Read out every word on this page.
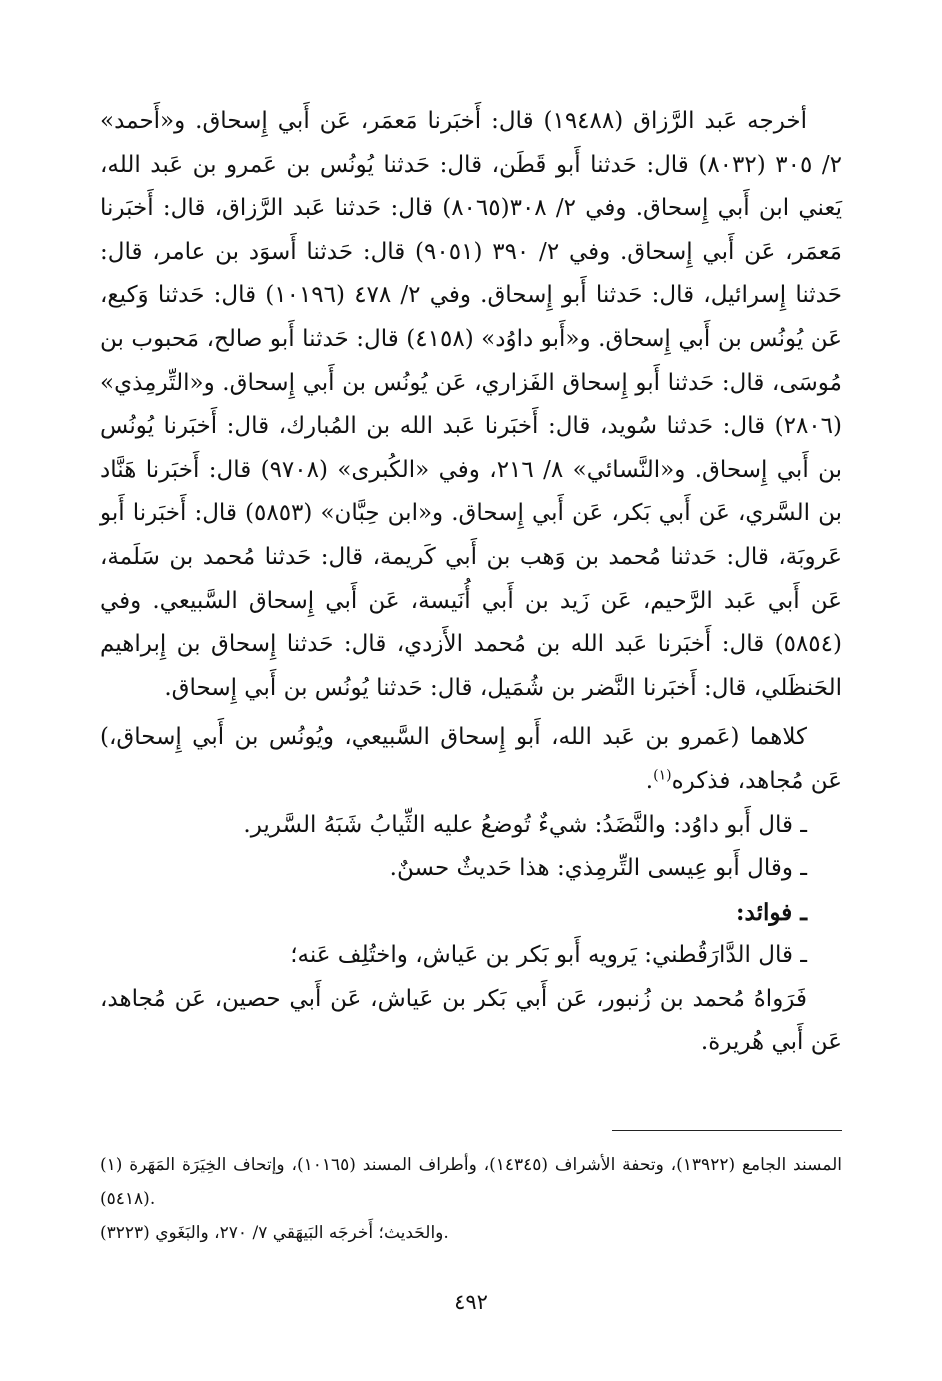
أخرجه عَبد الرَّزاق (١٩٤٨٨) قال: أَخبَرنا مَعمَر، عَن أَبي إِسحاق. و«أَحمد» ٢/ ٣٠٥ (٨٠٣٢) قال: حَدثنا أَبو قَطَن، قال: حَدثنا يُونُس بن عَمرو بن عَبد الله، يَعني ابن أَبي إِسحاق. وفي ٢/ ٣٠٨(٨٠٦٥) قال: حَدثنا عَبد الرَّزاق، قال: أَخبَرنا مَعمَر، عَن أَبي إِسحاق. وفي ٢/ ٣٩٠ (٩٠٥١) قال: حَدثنا أَسوَد بن عامر، قال: حَدثنا إِسرائيل، قال: حَدثنا أَبو إِسحاق. وفي ٢/ ٤٧٨ (١٠١٩٦) قال: حَدثنا وَكيع، عَن يُونُس بن أَبي إِسحاق. و«أَبو داوُد» (٤١٥٨) قال: حَدثنا أَبو صالح، مَحبوب بن مُوسَى، قال: حَدثنا أَبو إِسحاق الفَزاري، عَن يُونُس بن أَبي إِسحاق. و«التِّرمِذي» (٢٨٠٦) قال: حَدثنا سُويد، قال: أَخبَرنا عَبد الله بن المُبارك، قال: أَخبَرنا يُونُس بن أَبي إِسحاق. و«النَّسائي» ٨/ ٢١٦، وفي «الكُبرى» (٩٧٠٨) قال: أَخبَرنا هَنَّاد بن السَّري، عَن أَبي بَكر، عَن أَبي إِسحاق. و«ابن حِبَّان» (٥٨٥٣) قال: أَخبَرنا أَبو عَروبَة، قال: حَدثنا مُحمد بن وَهب بن أَبي كَريمة، قال: حَدثنا مُحمد بن سَلَمة، عَن أَبي عَبد الرَّحيم، عَن زَيد بن أَبي أُنَيسة، عَن أَبي إِسحاق السَّبيعي. وفي (٥٨٥٤) قال: أَخبَرنا عَبد الله بن مُحمد الأَزدي، قال: حَدثنا إِسحاق بن إِبراهيم الحَنظَلي، قال: أَخبَرنا النَّضر بن شُمَيل، قال: حَدثنا يُونُس بن أَبي إِسحاق.

كلاهما (عَمرو بن عَبد الله، أَبو إِسحاق السَّبيعي، ويُونُس بن أَبي إِسحاق،) عَن مُجاهد، فذكره$^{(١)}$.

ـ قال أَبو داوُد: والنَّضَدُ: شيءٌ تُوضعُ عليه الثِّيابُ شَبَهُ السَّرير.

ـ وقال أَبو عِيسى التِّرمِذي: هذا حَديثٌ حسنٌ.

ـ فوائد:

ـ قال الدَّارَقُطني: يَرويه أَبو بَكر بن عَياش، واختُلِف عَنه؛

فَرَواهُ مُحمد بن زُنبور، عَن أَبي بَكر بن عَياش، عَن أَبي حصين، عَن مُجاهد، عَن أَبي هُريرة.

(١) المسند الجامع (١٣٩٢٢)، وتحفة الأشراف (١٤٣٤٥)، وأطراف المسند (١٠١٦٥)، وإتحاف الخِيَرَة المَهَرة (٥٤١٨).

والحَديث؛ أَخرجَه البَيهَقي ٧/ ٢٧٠، والبَغَوي (٣٢٢٣).

٤٩٢
